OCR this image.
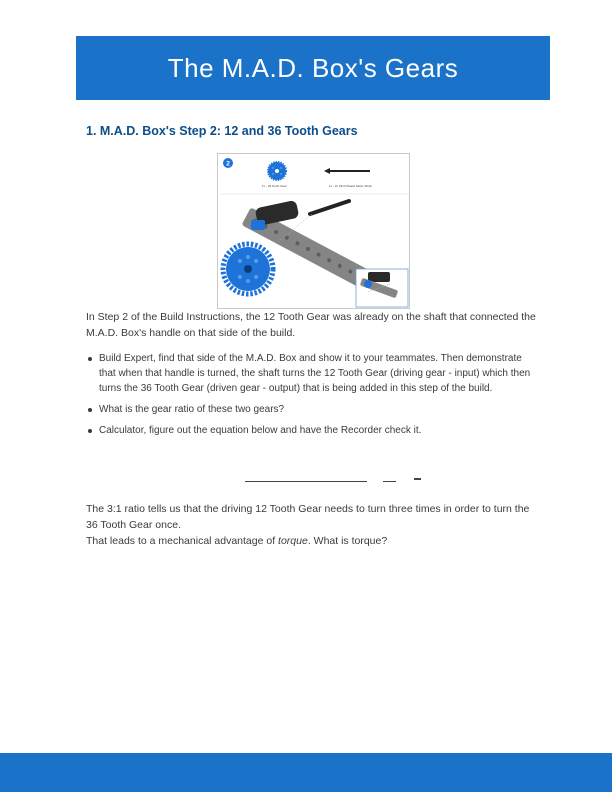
The M.A.D. Box's Gears
1. M.A.D. Box's Step 2: 12 and 36 Tooth Gears
2
1x - 36 Tooth Gear	1x - 2x Pitch Plastic Motor Shaft
In Step 2 of the Build Instructions, the 12 Tooth Gear was already on the shaft that connected the M.A.D. Box's handle on that side of the build.
Build Expert, find that side of the M.A.D. Box and show it to your teammates. Then demonstrate that when that handle is turned, the shaft turns the 12 Tooth Gear (driving gear - input) which then turns the 36 Tooth Gear (driven gear - output) that is being added in this step of the build.
What is the gear ratio of these two gears?
Calculator, figure out the equation below and have the Recorder check it.
The 3:1 ratio tells us that the driving 12 Tooth Gear needs to turn three times in order to turn the 36 Tooth Gear once.
That leads to a mechanical advantage of torque. What is torque?
